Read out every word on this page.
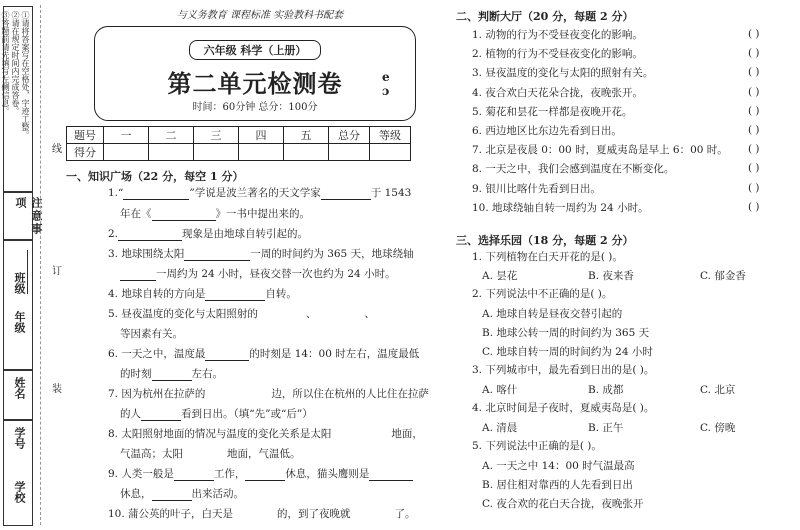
①请将答案写在空格处，字迹工整。
②请在规定时间内完成答卷。
③答题前请先填写左侧信息。
注意事项
班级
年级
姓名
学号
学校
线
订
装
与义务教育 课程标准 实验教科书配套
六年级 科学（上册）
第二单元检测卷
时间：60分钟 总分：100分
e
ɔ
题号	一	二	三	四	五	总分	等级
得分							
一、知识广场（22 分，每空 1 分）
1.“	”学说是波兰著名的天文学家	于 1543
年在《	》一书中提出来的。
2.	现象是由地球自转引起的。
3. 地球围绕太阳	一周的时间约为 365 天，地球绕轴
一周约为 24 小时，昼夜交替一次也约为 24 小时。
4. 地球自转的方向是	自转。
5. 昼夜温度的变化与太阳照射的	、	、
等因素有关。
6. 一天之中，温度最	的时刻是 14：00 时左右，温度最低
的时刻	左右。
7. 因为杭州在拉萨的	边，所以住在杭州的人比住在拉萨
的人	看到日出。（填“先”或“后”）
8. 太阳照射地面的情况与温度的变化关系是太阳	地面，
气温高；太阳	地面，气温低。
9. 人类一般是	工作，	休息，猫头鹰则是
休息，	出来活动。
10. 蒲公英的叶子，白天是	的，到了夜晚就	了。
二、判断大厅（20 分，每题 2 分）
1. 动物的行为不受昼夜变化的影响。	( )
2. 植物的行为不受昼夜变化的影响。	( )
3. 昼夜温度的变化与太阳的照射有关。	( )
4. 夜合欢白天花朵合拢，夜晚张开。	( )
5. 菊花和昙花一样都是夜晚开花。	( )
6. 西边地区比东边先看到日出。	( )
7. 北京是夜晨 0：00 时，夏威夷岛是早上 6：00 时。 ( )
8. 一天之中，我们会感到温度在不断变化。	( )
9. 银川比喀什先看到日出。	( )
10. 地球绕轴自转一周约为 24 小时。	( )
三、选择乐园（18 分，每题 2 分）
1. 下列植物在白天开花的是( )。
A. 昙花	B. 夜来香	C. 郁金香
2. 下列说法中不正确的是( )。
A. 地球自转是昼夜交替引起的
B. 地球公转一周的时间约为 365 天
C. 地球自转一周的时间约为 24 小时
3. 下列城市中，最先看到日出的是( )。
A. 喀什	B. 成都	C. 北京
4. 北京时间是子夜时，夏威夷岛是( )。
A. 清晨	B. 正午	C. 傍晚
5. 下列说法中正确的是( )。
A. 一天之中 14：00 时气温最高
B. 居住相对靠西的人先看到日出
C. 夜合欢的花白天合拢，夜晚张开
